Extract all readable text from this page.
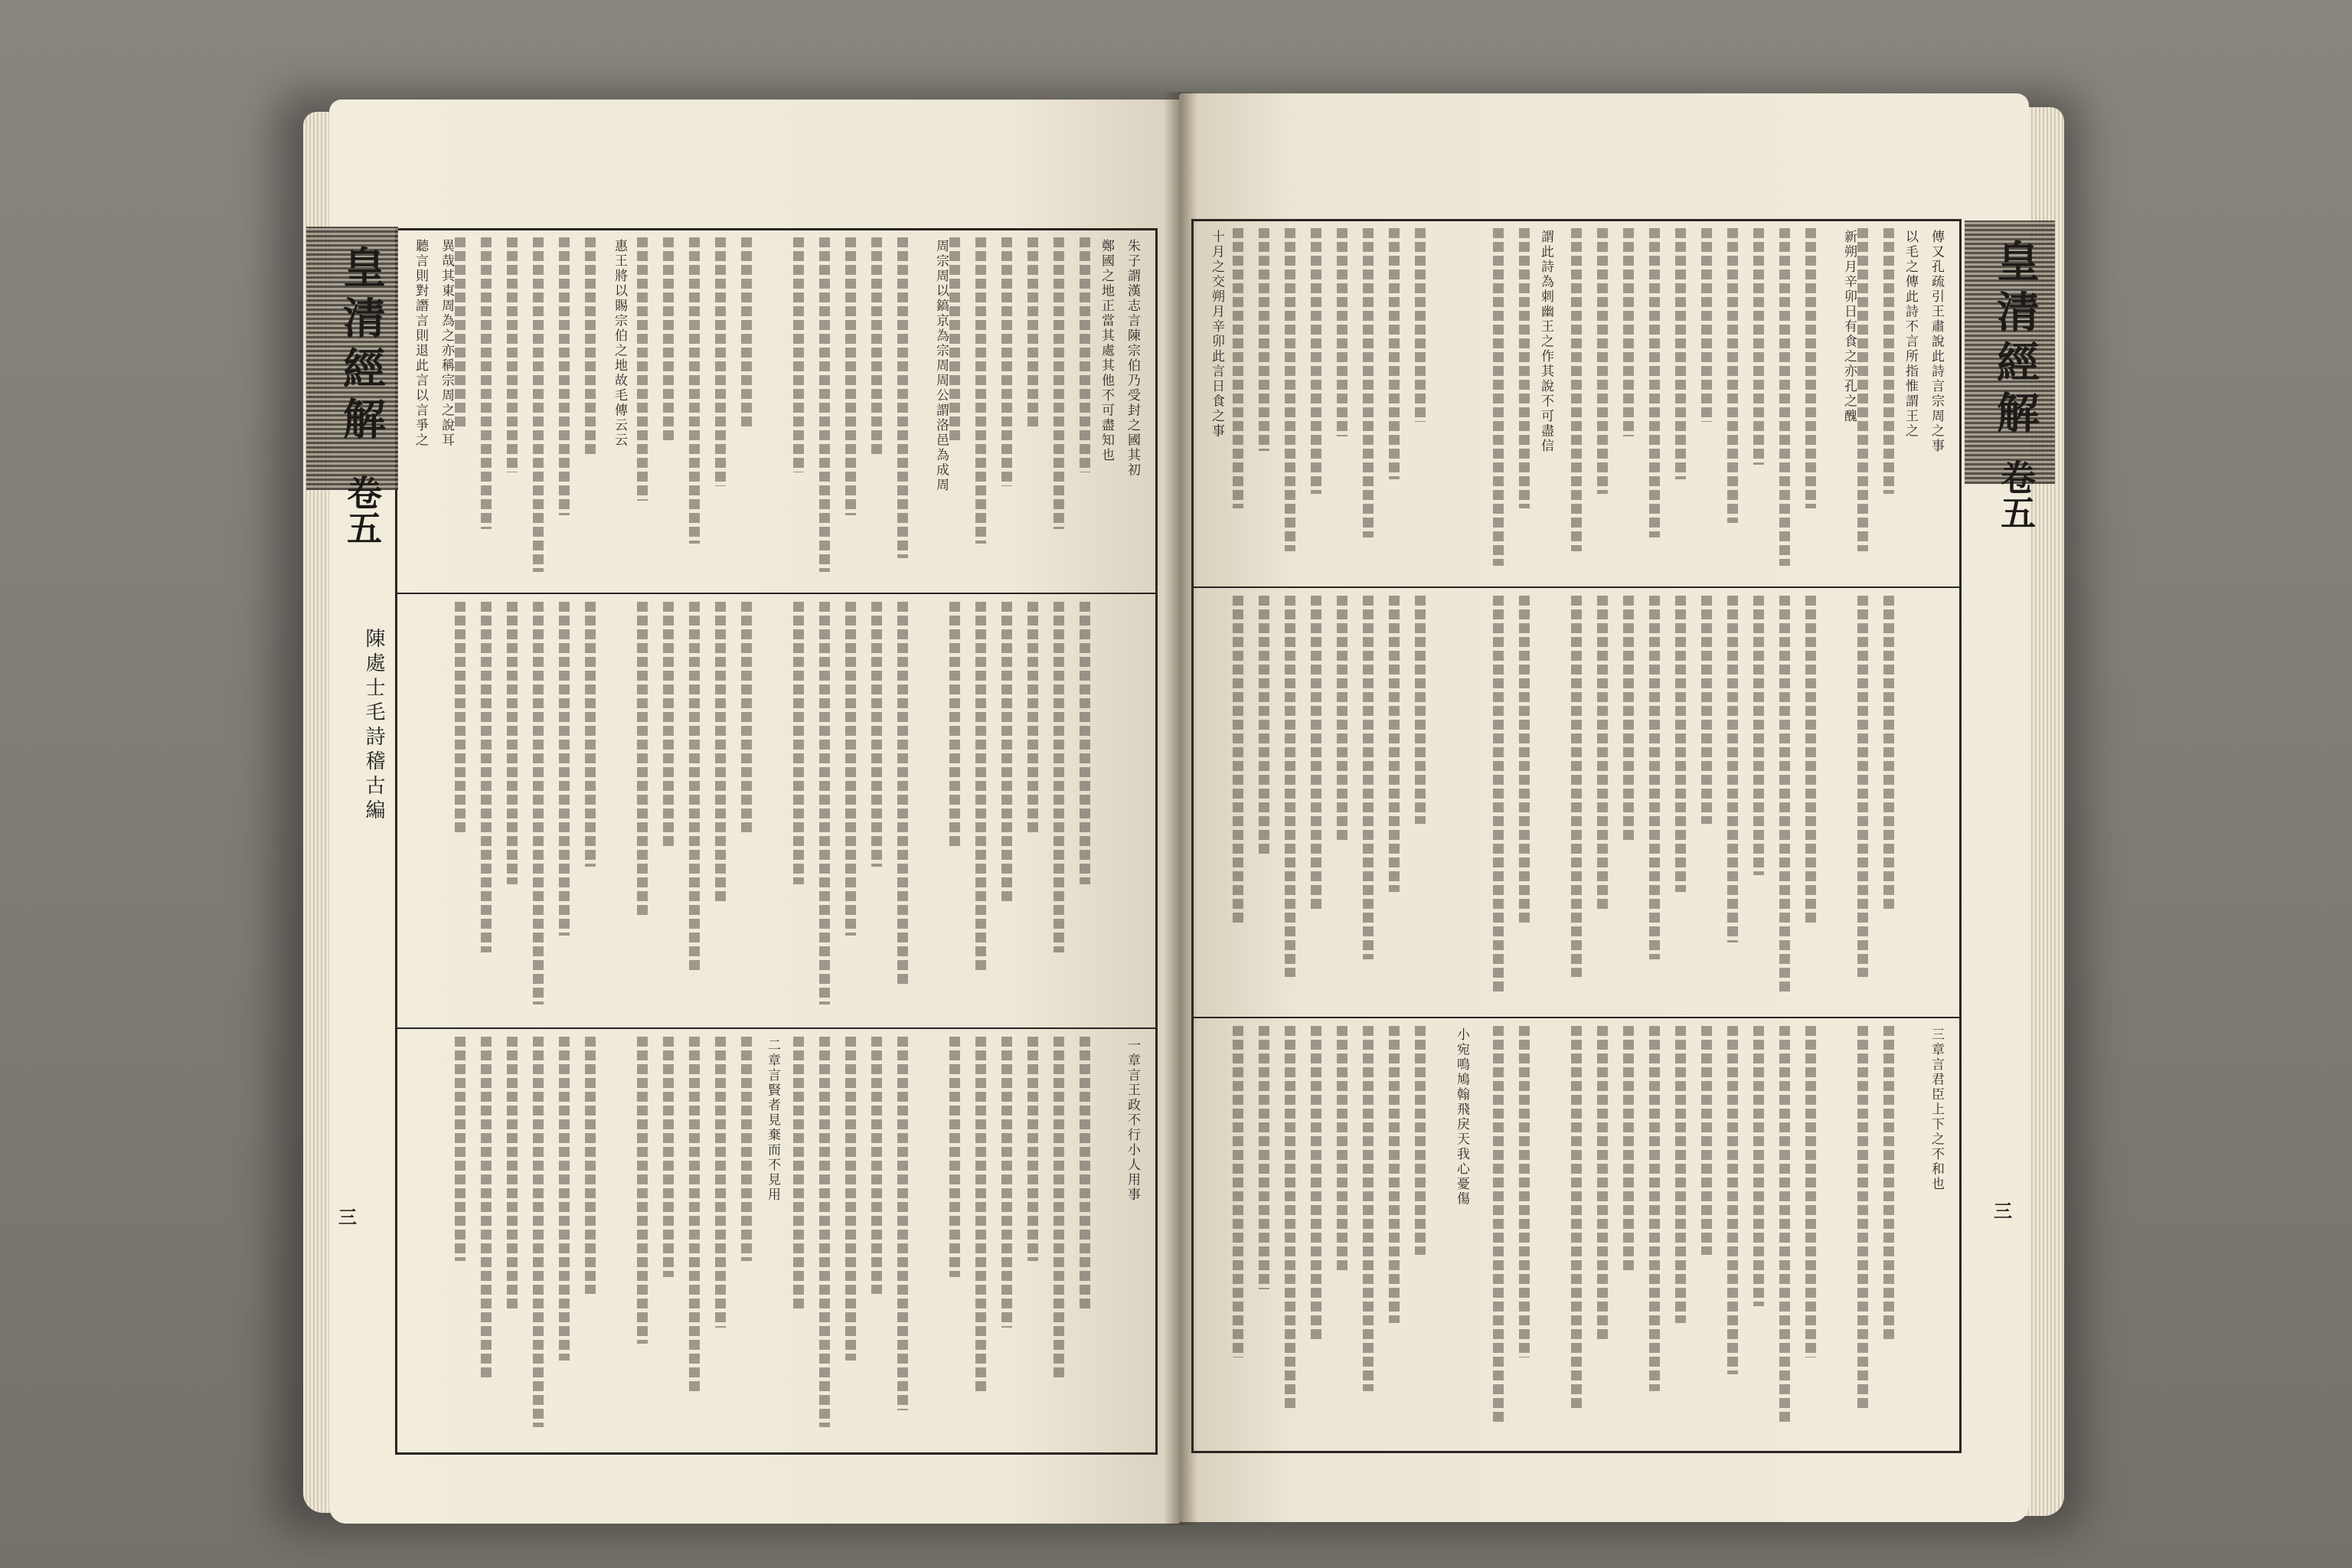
皇清經解
卷五
陳處士毛詩稽古編
皇清經解
卷五
三	三
朱子謂漢志言陳宗伯乃受封之國其初
鄭國之地正當其處其他不可盡知也
周宗周以鎬京為宗周周公謂洛邑為成周
聽言則對譖言則退此言以言爭之	惠王將以賜宗伯之地故毛傳云云
異哉其東周為之亦稱宗周之說耳	傳又孔疏引王肅說此詩言宗周之事
以毛之傳此詩不言所指惟謂王之
新朔月辛卯日有食之亦孔之醜
謂此詩為刺幽王之作其說不可盡信
十月之交朔月辛卯此言日食之事
一章言王政不行小人用事
二章言賢者見棄而不見用	三章言君臣上下之不和也
小宛鳴鳩翰飛戾天我心憂傷
